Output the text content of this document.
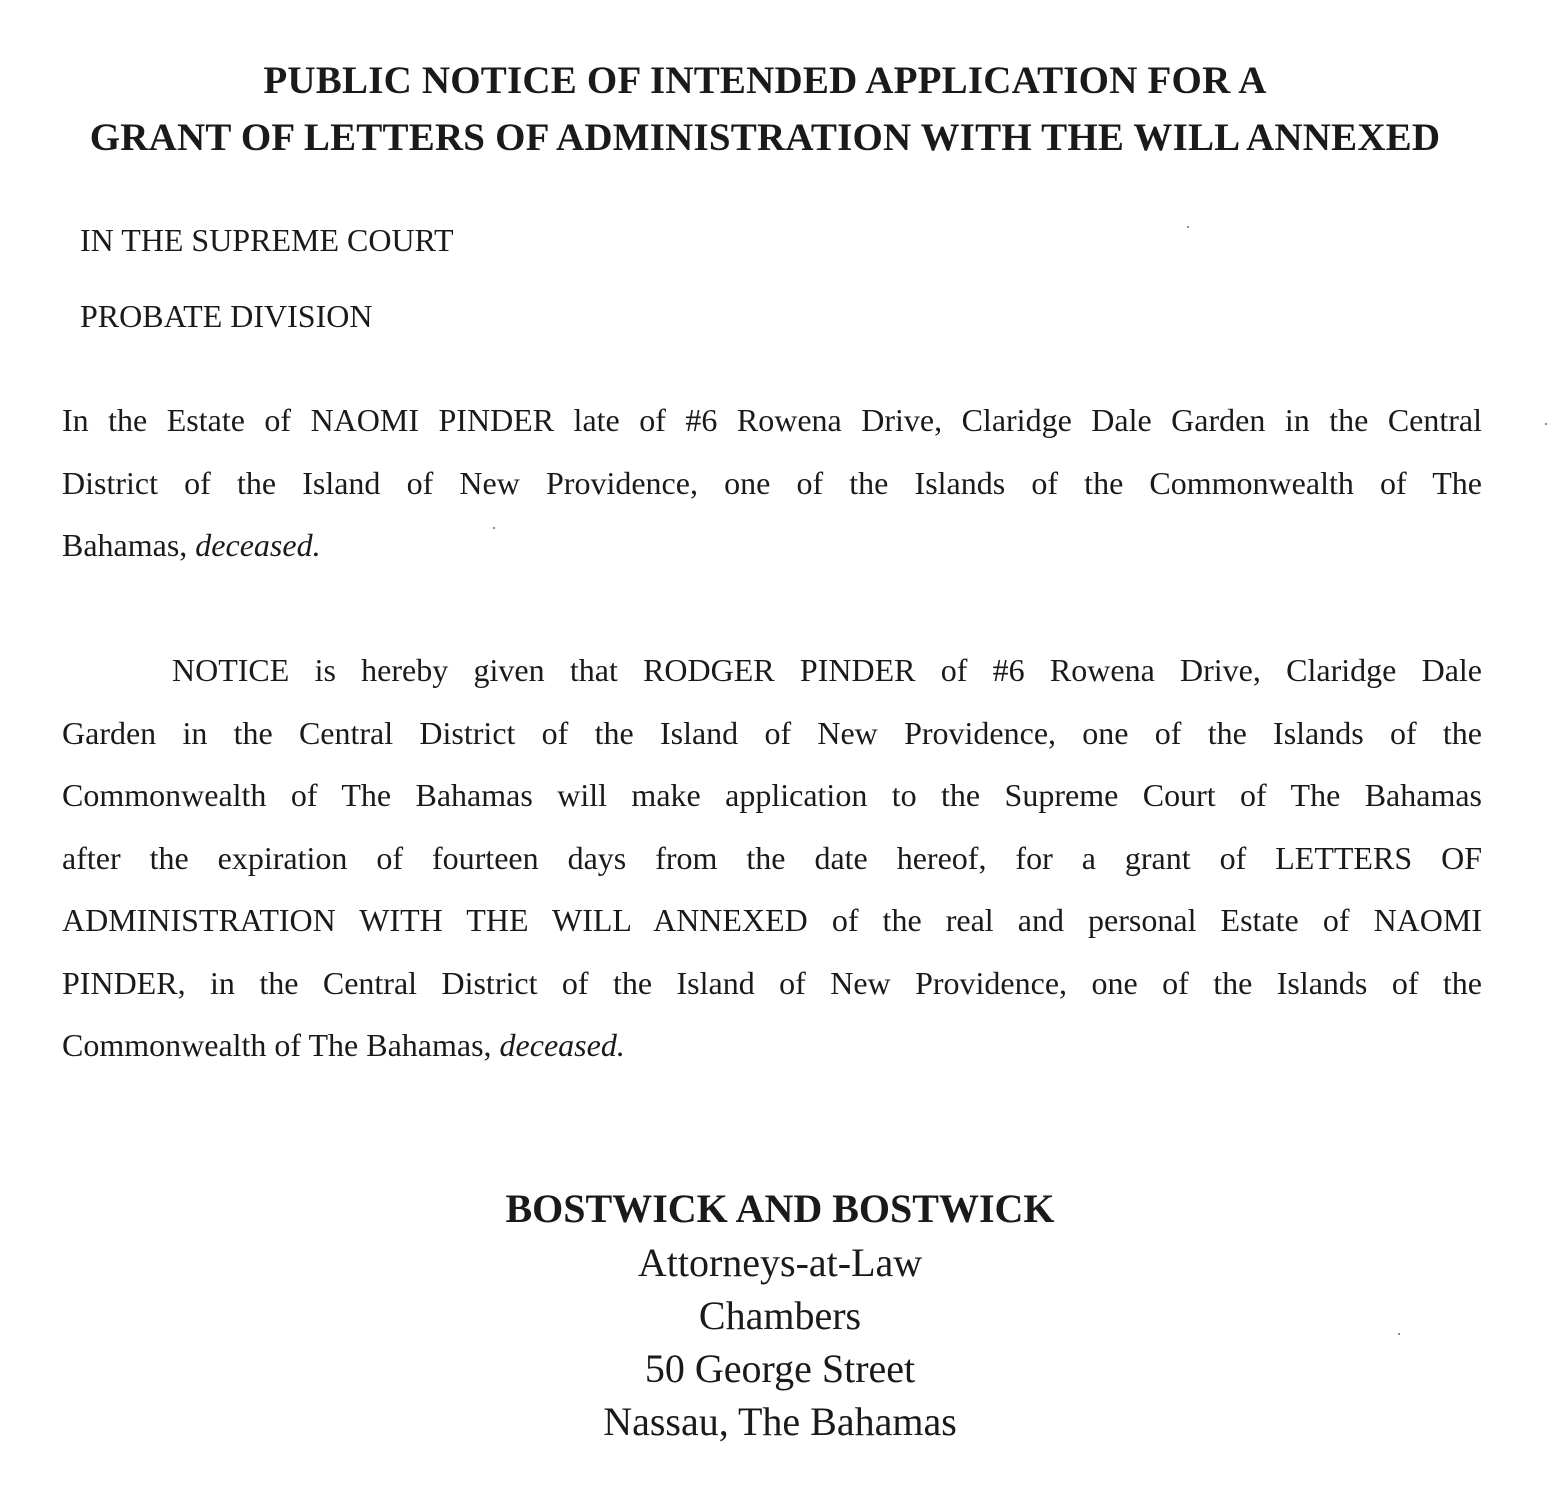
PUBLIC NOTICE OF INTENDED APPLICATION FOR A
GRANT OF LETTERS OF ADMINISTRATION WITH THE WILL ANNEXED
IN THE SUPREME COURT
PROBATE DIVISION
In the Estate of NAOMI PINDER late of #6 Rowena Drive, Claridge Dale Garden in the Central
District of the Island of New Providence, one of the Islands of the Commonwealth of The
Bahamas, deceased.
NOTICE is hereby given that RODGER PINDER of #6 Rowena Drive, Claridge Dale
Garden in the Central District of the Island of New Providence, one of the Islands of the
Commonwealth of The Bahamas will make application to the Supreme Court of The Bahamas
after the expiration of fourteen days from the date hereof, for a grant of LETTERS OF
ADMINISTRATION WITH THE WILL ANNEXED of the real and personal Estate of NAOMI
PINDER, in the Central District of the Island of New Providence, one of the Islands of the
Commonwealth of The Bahamas, deceased.
BOSTWICK AND BOSTWICK
Attorneys-at-Law
Chambers
50 George Street
Nassau, The Bahamas
